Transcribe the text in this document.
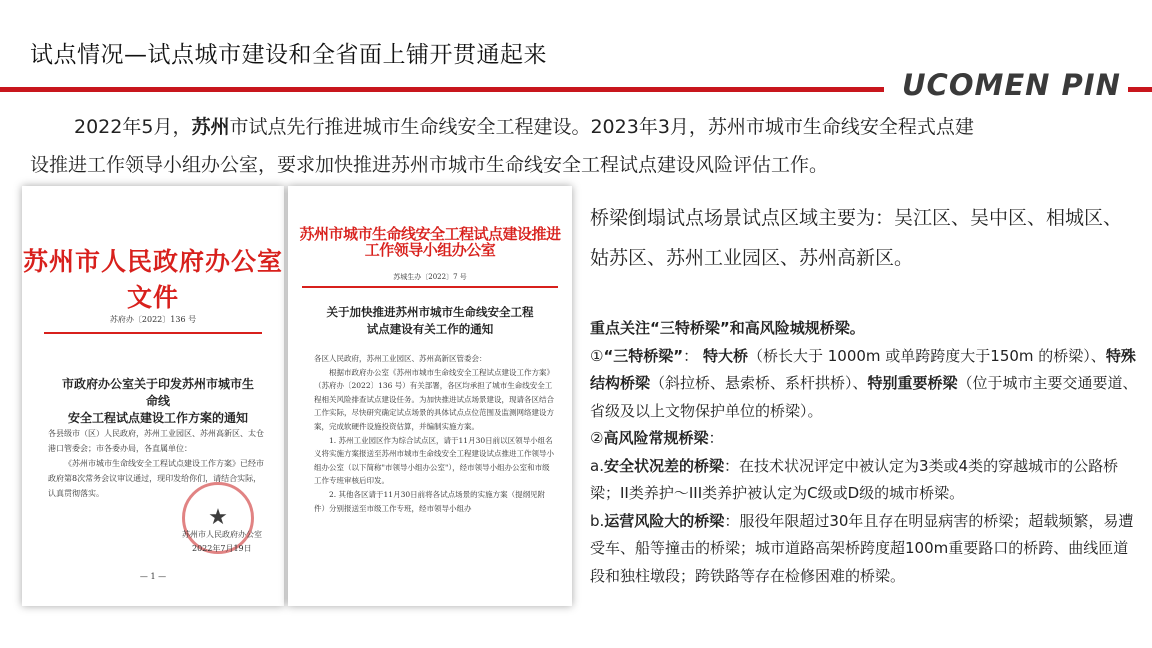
试点情况—试点城市建设和全省面上铺开贯通起来
UCOMEN PIN

2022年5月，苏州市试点先行推进城市生命线安全工程建设。2023年3月，苏州市城市生命线安全程式点建

设推进工作领导小组办公室，要求加快推进苏州市城市生命线安全工程试点建设风险评估工作。

苏州市人民政府办公室文件
苏府办〔2022〕136 号
市政府办公室关于印发苏州市城市生命线
安全工程试点建设工作方案的通知
各县级市（区）人民政府，苏州工业园区、苏州高新区、太仓港口管委会；市各委办局，各直属单位：
《苏州市城市生命线安全工程试点建设工作方案》已经市政府第8次常务会议审议通过，现印发给你们，请结合实际，认真贯彻落实。
★
苏州市人民政府办公室
2022年7月19日
— 1 —
苏州市城市生命线安全工程试点建设推进工作领导小组办公室
苏城生办〔2022〕7 号
关于加快推进苏州市城市生命线安全工程
试点建设有关工作的通知
各区人民政府，苏州工业园区、苏州高新区管委会：
根据市政府办公室《苏州市城市生命线安全工程试点建设工作方案》（苏府办〔2022〕136 号）有关部署，各区均承担了城市生命线安全工程相关风险排查试点建设任务。为加快推进试点场景建设，现请各区结合工作实际，尽快研究确定试点场景的具体试点点位范围及监测网络建设方案，完成软硬件设施投资估算，并编制实施方案。
1. 苏州工业园区作为综合试点区，请于11月30日前以区领导小组名义将实施方案报送至苏州市城市生命线安全工程建设试点推进工作领导小组办公室（以下简称"市领导小组办公室"），经市领导小组办公室和市级工作专班审核后印发。
2. 其他各区请于11月30日前将各试点场景的实施方案（提纲见附件）分别报送至市级工作专班，经市领导小组办
桥梁倒塌试点场景试点区域主要为：吴江区、吴中区、相城区、姑苏区、苏州工业园区、苏州高新区。

重点关注“三特桥梁”和高风险城规桥梁。

①“三特桥梁”： 特大桥（桥长大于 1000m 或单跨跨度大于150m 的桥梁）、特殊结构桥梁（斜拉桥、悬索桥、系杆拱桥）、特别重要桥梁（位于城市主要交通要道、省级及以上文物保护单位的桥梁）。

②高风险常规桥梁：

a.安全状况差的桥梁：在技术状况评定中被认定为3类或4类的穿越城市的公路桥梁；II类养护～III类养护被认定为C级或D级的城市桥梁。

b.运营风险大的桥梁：服役年限超过30年且存在明显病害的桥梁；超载频繁，易遭受车、船等撞击的桥梁；城市道路高架桥跨度超100m重要路口的桥跨、曲线匝道段和独柱墩段；跨铁路等存在检修困难的桥梁。
